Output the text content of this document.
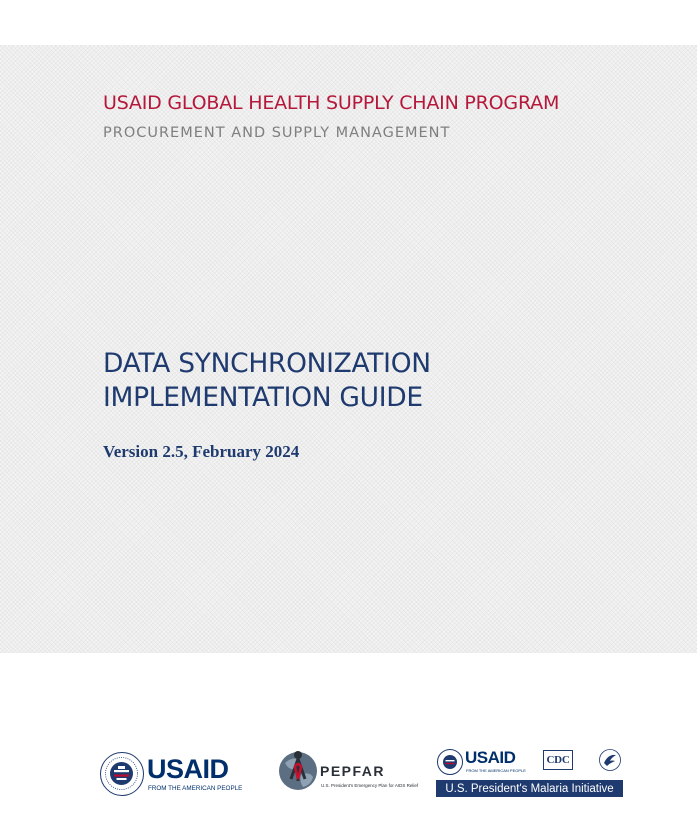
USAID GLOBAL HEALTH SUPPLY CHAIN PROGRAM
PROCUREMENT AND SUPPLY MANAGEMENT
DATA SYNCHRONIZATION
IMPLEMENTATION GUIDE

Version 2.5, February 2024

USAID
FROM THE AMERICAN PEOPLE
PEPFAR
U.S. President's Emergency Plan for AIDS Relief
USAID
FROM THE AMERICAN PEOPLE
CDC
U.S. President's Malaria Initiative
